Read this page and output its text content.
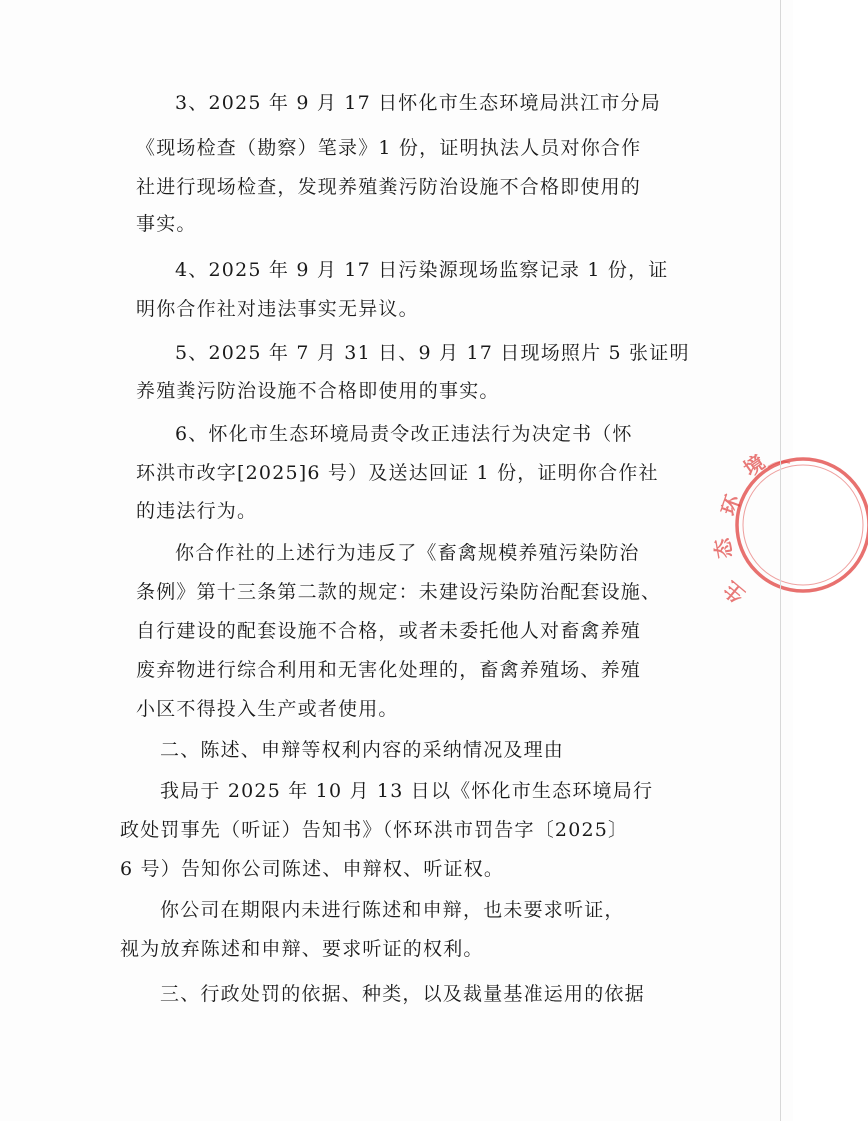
3、2025 年 9 月 17 日怀化市生态环境局洪江市分局
《现场检查（勘察）笔录》1 份，证明执法人员对你合作
社进行现场检查，发现养殖粪污防治设施不合格即使用的
事实。
4、2025 年 9 月 17 日污染源现场监察记录 1 份，证
明你合作社对违法事实无异议。
5、2025 年 7 月 31 日、9 月 17 日现场照片 5 张证明
养殖粪污防治设施不合格即使用的事实。
6、怀化市生态环境局责令改正违法行为决定书（怀
环洪市改字[2025]6 号）及送达回证 1 份，证明你合作社
的违法行为。
你合作社的上述行为违反了《畜禽规模养殖污染防治
条例》第十三条第二款的规定：未建设污染防治配套设施、
自行建设的配套设施不合格，或者未委托他人对畜禽养殖
废弃物进行综合利用和无害化处理的，畜禽养殖场、养殖
小区不得投入生产或者使用。
二、陈述、申辩等权利内容的采纳情况及理由
我局于 2025 年 10 月 13 日以《怀化市生态环境局行
政处罚事先（听证）告知书》（怀环洪市罚告字〔2025〕
6 号）告知你公司陈述、申辩权、听证权。
你公司在期限内未进行陈述和申辩，也未要求听证，
视为放弃陈述和申辩、要求听证的权利。
三、行政处罚的依据、种类，以及裁量基准运用的依据
境
环
态
生
